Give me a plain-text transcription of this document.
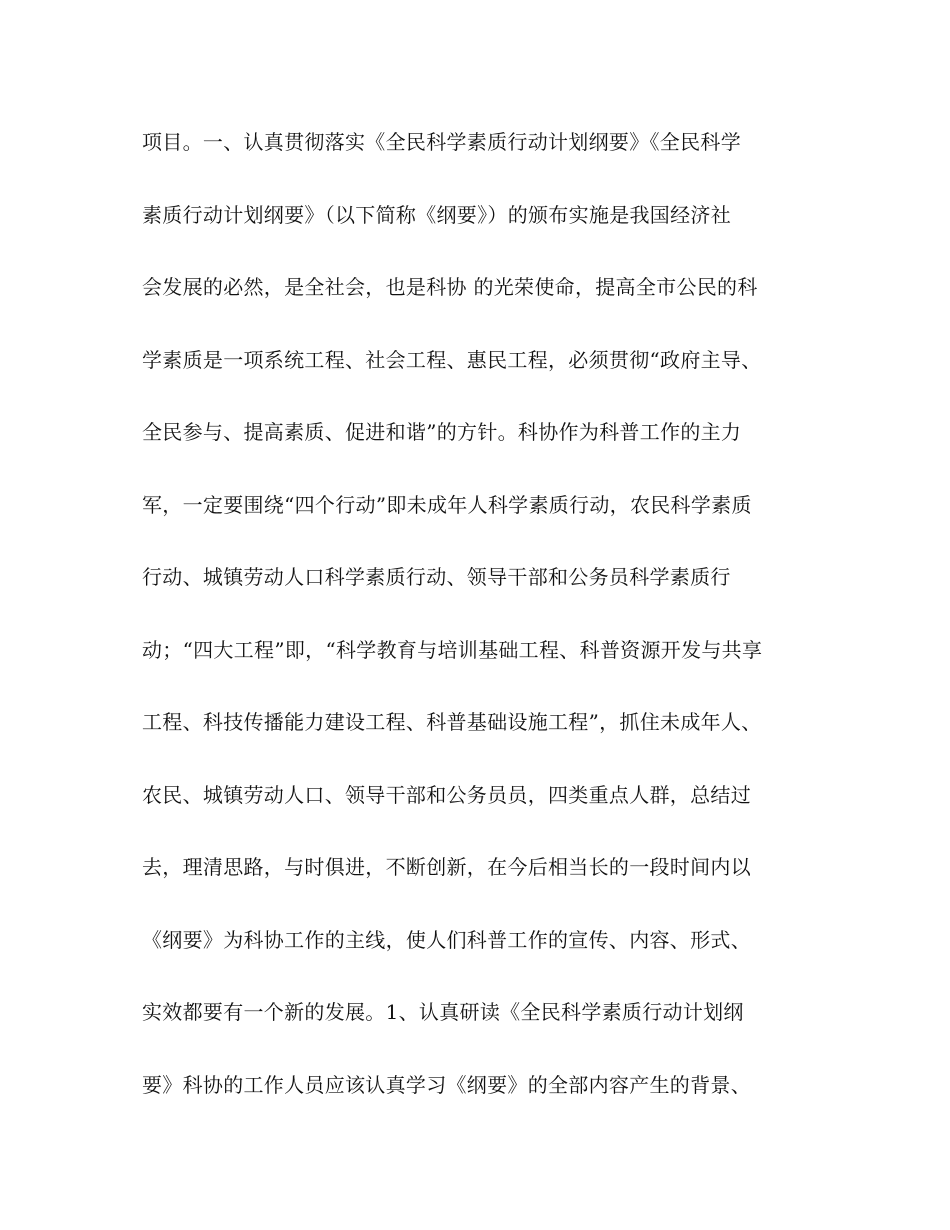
项目。一、认真贯彻落实《全民科学素质行动计划纲要》《全民科学
素质行动计划纲要》（以下简称《纲要》）的颁布实施是我国经济社
会发展的必然，是全社会，也是科协 的光荣使命，提高全市公民的科
学素质是一项系统工程、社会工程、惠民工程，必须贯彻“政府主导、
全民参与、提高素质、促进和谐”的方针。科协作为科普工作的主力
军，一定要围绕“四个行动”即未成年人科学素质行动，农民科学素质
行动、城镇劳动人口科学素质行动、领导干部和公务员科学素质行
动；“四大工程”即，“科学教育与培训基础工程、科普资源开发与共享
工程、科技传播能力建设工程、科普基础设施工程”，抓住未成年人、
农民、城镇劳动人口、领导干部和公务员员，四类重点人群，总结过
去，理清思路，与时俱进，不断创新，在今后相当长的一段时间内以
《纲要》为科协工作的主线，使人们科普工作的宣传、内容、形式、
实效都要有一个新的发展。1、认真研读《全民科学素质行动计划纲
要》科协的工作人员应该认真学习《纲要》的全部内容产生的背景、
